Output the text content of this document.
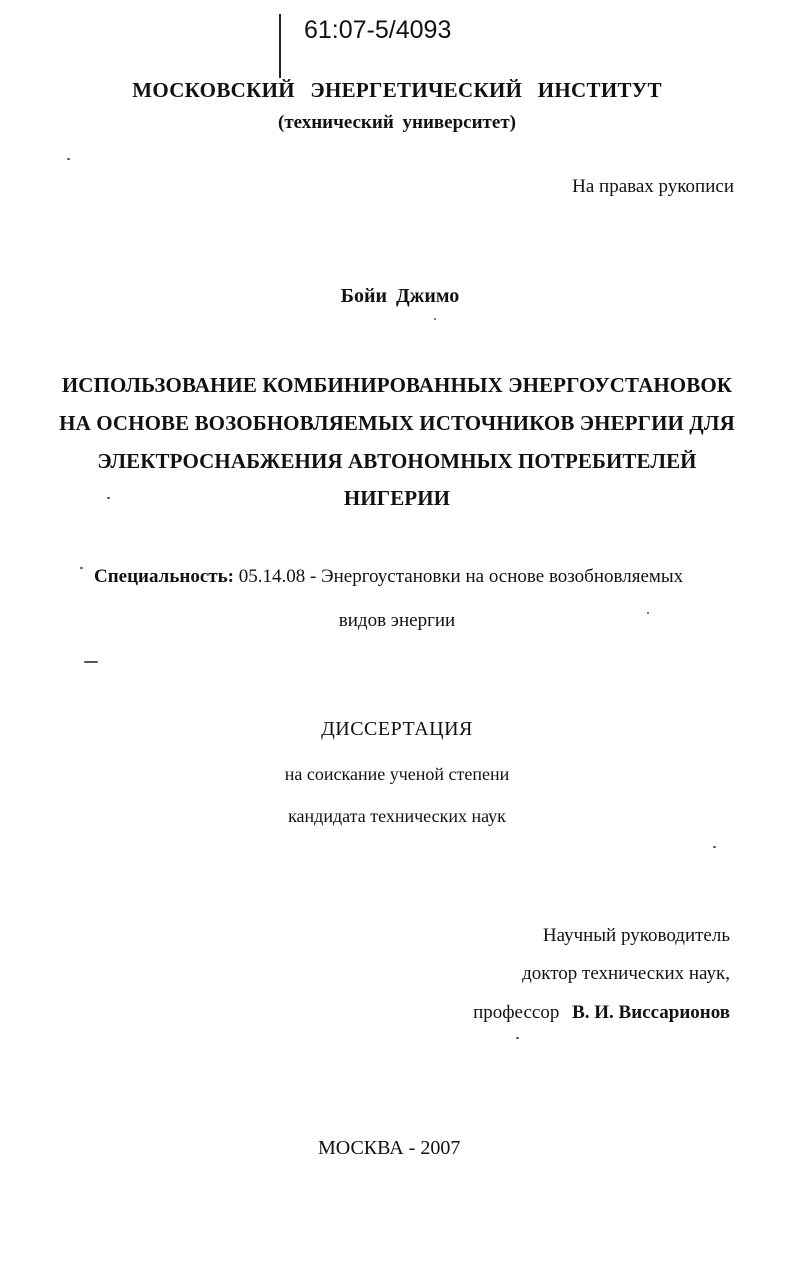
61:07-5/4093
МОСКОВСКИЙ ЭНЕРГЕТИЧЕСКИЙ ИНСТИТУТ
(технический университет)
На правах рукописи
Бойи Джимо
ИСПОЛЬЗОВАНИЕ КОМБИНИРОВАННЫХ ЭНЕРГОУСТАНОВОК
НА ОСНОВЕ ВОЗОБНОВЛЯЕМЫХ ИСТОЧНИКОВ ЭНЕРГИИ ДЛЯ
ЭЛЕКТРОСНАБЖЕНИЯ АВТОНОМНЫХ ПОТРЕБИТЕЛЕЙ
НИГЕРИИ
Специальность: 05.14.08 - Энергоустановки на основе возобновляемых
видов энергии
ДИССЕРТАЦИЯ
на соискание ученой степени
кандидата технических наук
Научный руководитель
доктор технических наук,
профессор В. И. Виссарионов
МОСКВА - 2007
